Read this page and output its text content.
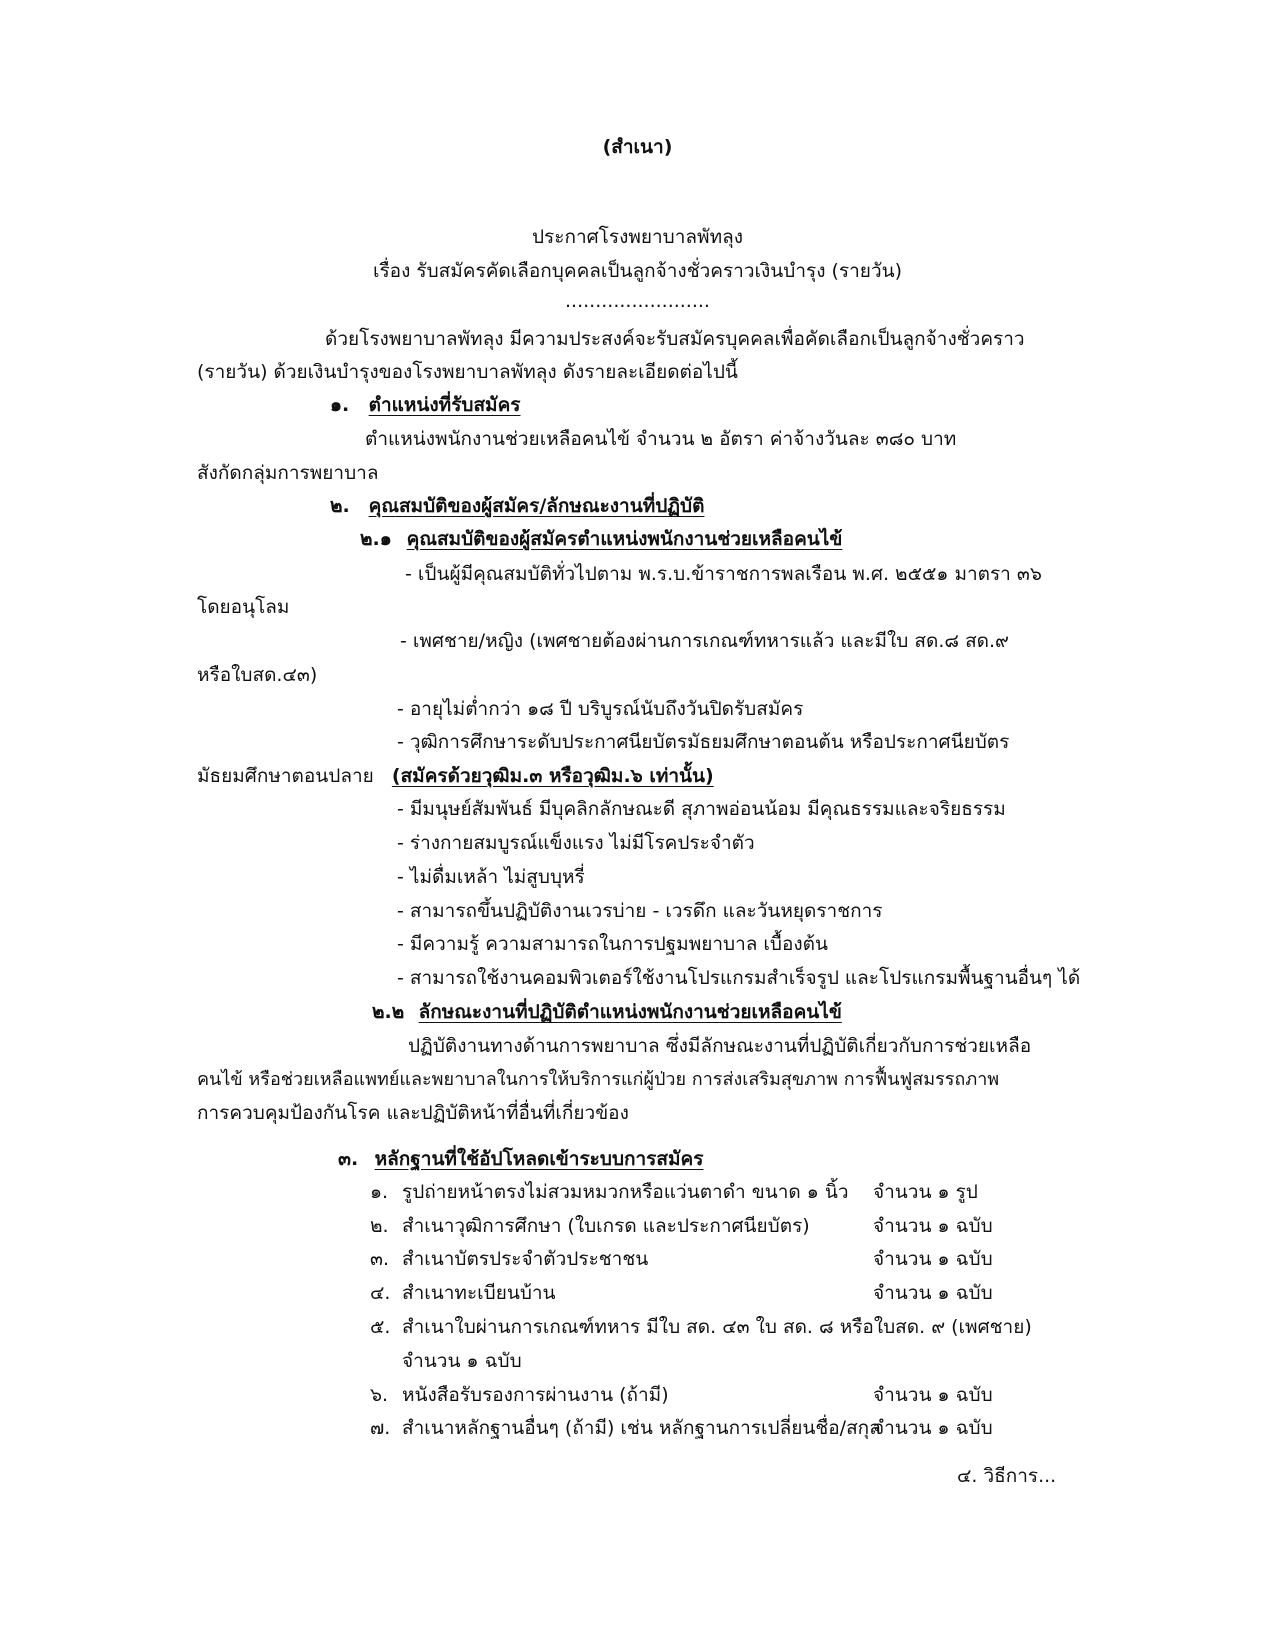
(สำเนา)
ประกาศโรงพยาบาลพัทลุง
เรื่อง รับสมัครคัดเลือกบุคคลเป็นลูกจ้างชั่วคราวเงินบำรุง (รายวัน)
........................
ด้วยโรงพยาบาลพัทลุง มีความประสงค์จะรับสมัครบุคคลเพื่อคัดเลือกเป็นลูกจ้างชั่วคราว
(รายวัน) ด้วยเงินบำรุงของโรงพยาบาลพัทลุง ดังรายละเอียดต่อไปนี้
๑. ตำแหน่งที่รับสมัคร
ตำแหน่งพนักงานช่วยเหลือคนไข้ จำนวน ๒ อัตรา ค่าจ้างวันละ ๓๘๐ บาท
สังกัดกลุ่มการพยาบาล
๒. คุณสมบัติของผู้สมัคร/ลักษณะงานที่ปฏิบัติ
๒.๑ คุณสมบัติของผู้สมัครตำแหน่งพนักงานช่วยเหลือคนไข้
- เป็นผู้มีคุณสมบัติทั่วไปตาม พ.ร.บ.ข้าราชการพลเรือน พ.ศ. ๒๕๕๑ มาตรา ๓๖
โดยอนุโลม
- เพศชาย/หญิง (เพศชายต้องผ่านการเกณฑ์ทหารแล้ว และมีใบ สด.๘ สด.๙
หรือใบสด.๔๓)
- อายุไม่ต่ำกว่า ๑๘ ปี บริบูรณ์นับถึงวันปิดรับสมัคร
- วุฒิการศึกษาระดับประกาศนียบัตรมัธยมศึกษาตอนต้น หรือประกาศนียบัตร
มัธยมศึกษาตอนปลาย (สมัครด้วยวุฒิม.๓ หรือวุฒิม.๖ เท่านั้น)
- มีมนุษย์สัมพันธ์ มีบุคลิกลักษณะดี สุภาพอ่อนน้อม มีคุณธรรมและจริยธรรม
- ร่างกายสมบูรณ์แข็งแรง ไม่มีโรคประจำตัว
- ไม่ดื่มเหล้า ไม่สูบบุหรี่
- สามารถขึ้นปฏิบัติงานเวรบ่าย - เวรดึก และวันหยุดราชการ
- มีความรู้ ความสามารถในการปฐมพยาบาล เบื้องต้น
- สามารถใช้งานคอมพิวเตอร์ใช้งานโปรแกรมสำเร็จรูป และโปรแกรมพื้นฐานอื่นๆ ได้
๒.๒ ลักษณะงานที่ปฏิบัติตำแหน่งพนักงานช่วยเหลือคนไข้
ปฏิบัติงานทางด้านการพยาบาล ซึ่งมีลักษณะงานที่ปฏิบัติเกี่ยวกับการช่วยเหลือ
คนไข้ หรือช่วยเหลือแพทย์และพยาบาลในการให้บริการแก่ผู้ป่วย การส่งเสริมสุขภาพ การฟื้นฟูสมรรถภาพ
การควบคุมป้องกันโรค และปฏิบัติหน้าที่อื่นที่เกี่ยวข้อง
๓. หลักฐานที่ใช้อัปโหลดเข้าระบบการสมัคร
๑. รูปถ่ายหน้าตรงไม่สวมหมวกหรือแว่นตาดำ ขนาด ๑ นิ้ว จำนวน ๑ รูป
๒. สำเนาวุฒิการศึกษา (ใบเกรด และประกาศนียบัตร)	จำนวน ๑ ฉบับ
๓. สำเนาบัตรประจำตัวประชาชน	จำนวน ๑ ฉบับ
๔. สำเนาทะเบียนบ้าน	จำนวน ๑ ฉบับ
๕. สำเนาใบผ่านการเกณฑ์ทหาร มีใบ สด. ๔๓ ใบ สด. ๘ หรือใบสด. ๙ (เพศชาย)
จำนวน ๑ ฉบับ
๖. หนังสือรับรองการผ่านงาน (ถ้ามี)	จำนวน ๑ ฉบับ
๗. สำเนาหลักฐานอื่นๆ (ถ้ามี) เช่น หลักฐานการเปลี่ยนชื่อ/สกุล
จำนวน ๑ ฉบับ
๔. วิธีการ...
